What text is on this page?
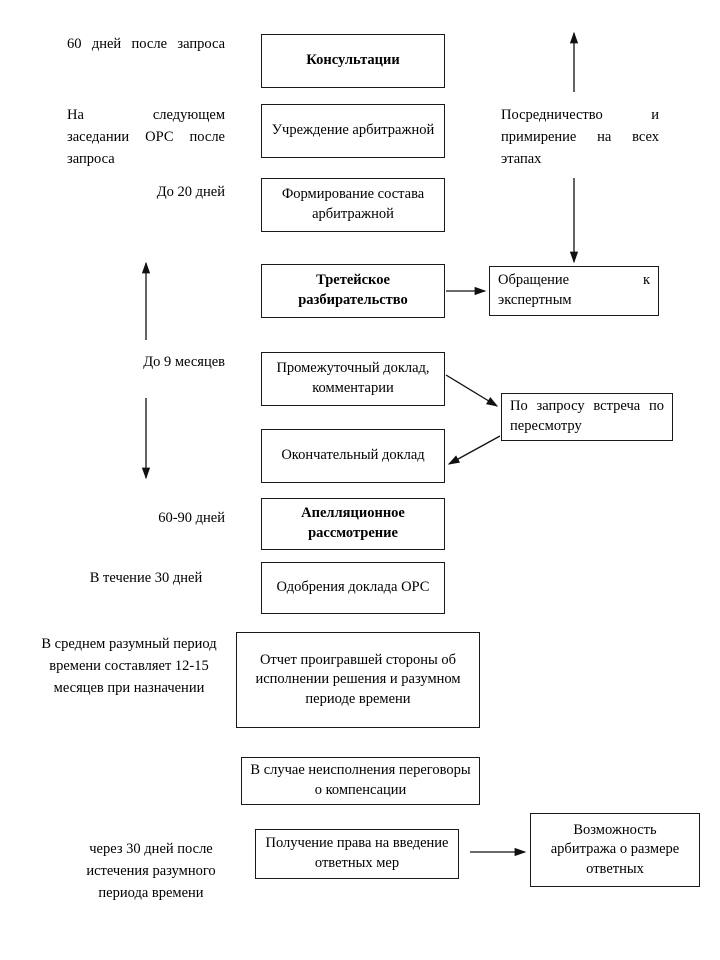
Консультации
Учреждение арбитражной
Формирование состава арбитражной
Третейское разбирательство
Обращение к экспертным
Промежуточный доклад, комментарии
По запросу встреча по пересмотру
Окончательный доклад
Апелляционное рассмотрение
Одобрения доклада ОРС
Отчет проигравшей стороны об исполнении решения и разумном периоде времени
В случае неисполнения переговоры о компенсации
Получение права на введение ответных мер
Возможность арбитража о размере ответных
60 дней после запроса
На следующем заседании ОРС после запроса
До 20 дней
До 9 месяцев
60-90 дней
В течение 30 дней
В среднем разумный период времени составляет 12-15 месяцев при назначении
через 30 дней после истечения разумного периода времени
Посредничество и примирение на всех этапах
